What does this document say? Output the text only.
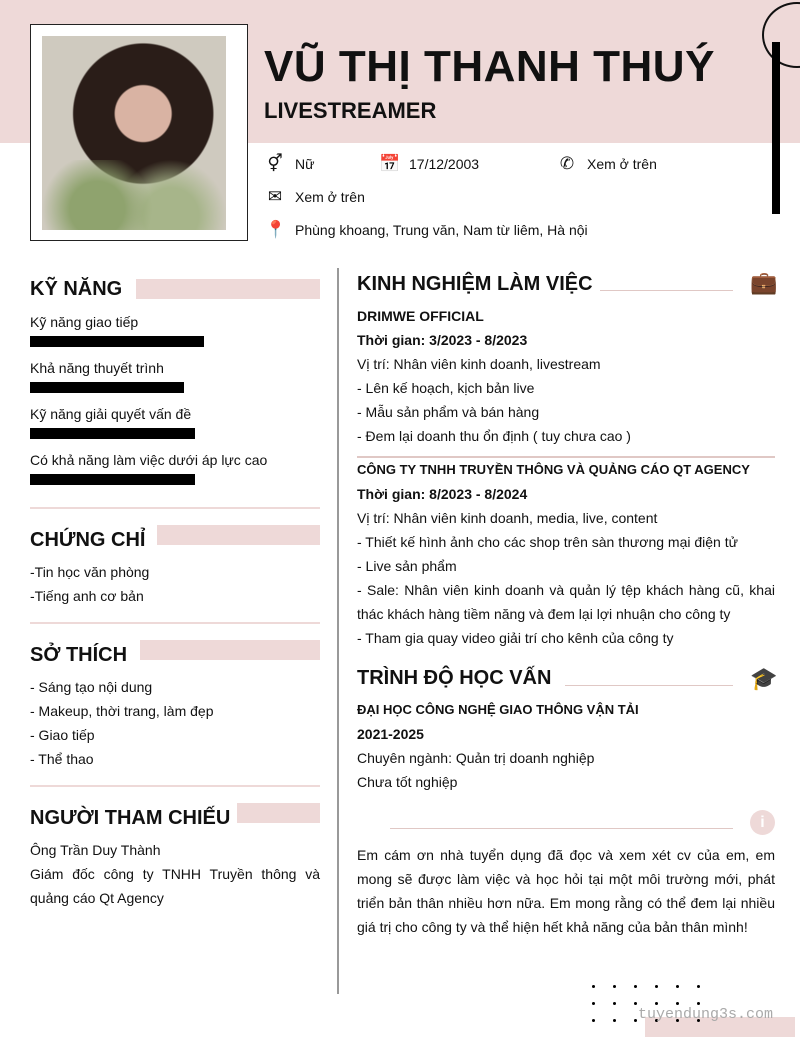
VŨ THỊ THANH THUÝ
LIVESTREAMER
⚥ Nữ	📅 17/12/2003	✆ Xem ở trên
✉ Xem ở trên
📍 Phùng khoang, Trung văn, Nam từ liêm, Hà nội
KỸ NĂNG
Kỹ năng giao tiếp
Khả năng thuyết trình
Kỹ năng giải quyết vấn đề
Có khả năng làm việc dưới áp lực cao
CHỨNG CHỈ
-Tin học văn phòng
-Tiếng anh cơ bản
SỞ THÍCH
- Sáng tạo nội dung
- Makeup, thời trang, làm đẹp
- Giao tiếp
- Thể thao
NGƯỜI THAM CHIẾU
Ông Trần Duy Thành
Giám đốc công ty TNHH Truyền thông và quảng cáo Qt Agency
KINH NGHIỆM LÀM VIỆC	💼
DRIMWE OFFICIAL
Thời gian: 3/2023 - 8/2023
Vị trí: Nhân viên kinh doanh, livestream
- Lên kế hoạch, kịch bản live
- Mẫu sản phẩm và bán hàng
- Đem lại doanh thu ổn định ( tuy chưa cao )
CÔNG TY TNHH TRUYỀN THÔNG VÀ QUẢNG CÁO QT AGENCY
Thời gian: 8/2023 - 8/2024
Vị trí: Nhân viên kinh doanh, media, live, content
- Thiết kế hình ảnh cho các shop trên sàn thương mại điện tử
- Live sản phẩm
- Sale: Nhân viên kinh doanh và quản lý tệp khách hàng cũ, khai thác khách hàng tiềm năng và đem lại lợi nhuận cho công ty
- Tham gia quay video giải trí cho kênh của công ty
TRÌNH ĐỘ HỌC VẤN	🎓
ĐẠI HỌC CÔNG NGHỆ GIAO THÔNG VẬN TẢI
2021-2025
Chuyên ngành: Quản trị doanh nghiệp
Chưa tốt nghiệp
i
Em cám ơn nhà tuyển dụng đã đọc và xem xét cv của em, em mong sẽ được làm việc và học hỏi tại một môi trường mới, phát triển bản thân nhiều hơn nữa. Em mong rằng có thể đem lại nhiều giá trị cho công ty và thể hiện hết khả năng của bản thân mình!
tuyendung3s.com
